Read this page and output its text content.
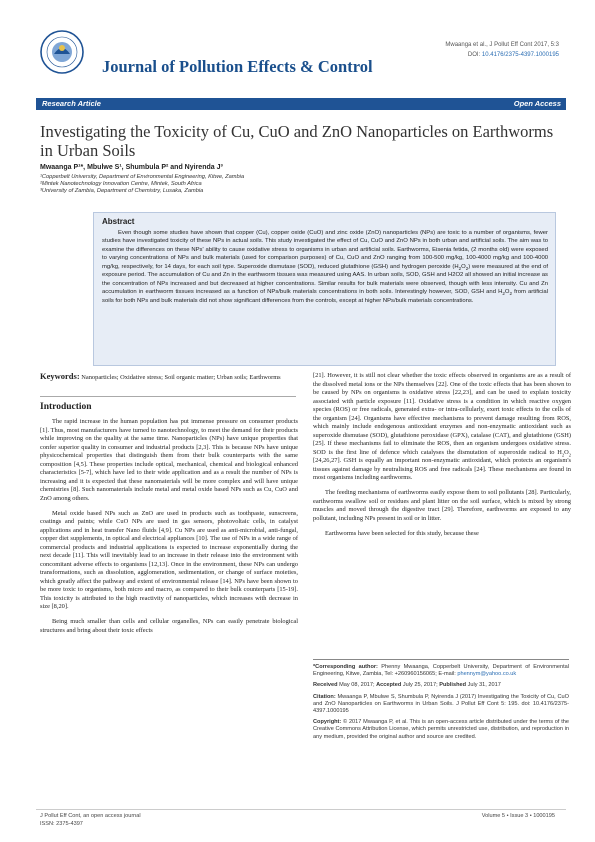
Journal of Pollution Effects & Control
Mwaanga et al., J Pollut Eff Cont 2017, 5:3
DOI: 10.4176/2375-4397.1000195
Research Article	Open Access
Investigating the Toxicity of Cu, CuO and ZnO Nanoparticles on Earthworms in Urban Soils
Mwaanga P¹*, Mbulwe S¹, Shumbula P² and Nyirenda J³
¹Copperbelt University, Department of Environmental Engineering, Kitwe, Zambia
²Mintek Nanotechnology Innovation Centre, Mintek, South Africa
³University of Zambia, Department of Chemistry, Lusaka, Zambia
Abstract

Even though some studies have shown that copper (Cu), copper oxide (CuO) and zinc oxide (ZnO) nanoparticles (NPs) are toxic to a number of organisms, fewer studies have investigated toxicity of these NPs in actual soils. This study investigated the effect of Cu, CuO and ZnO NPs in both urban and artificial soils. The aim was to examine the differences on these NPs' ability to cause oxidative stress to organisms in urban and artificial soils. Earthworms, Eisenia fetida, (2 months old) were exposed to varying concentrations of NPs and bulk materials (used for comparison purposes) of Cu, CuO and ZnO ranging from 100-500 mg/kg, 100-4000 mg/kg and 100-4000 mg/kg, respectively, for 14 days, for each soil type. Superoxide dismutase (SOD), reduced glutathione (GSH) and hydrogen peroxide $(H_2O_2)$ were measured at the end of exposure period. The accumulation of Cu and Zn in the earthworm tissues was measured using AAS. In urban soils, SOD, GSH and H2O2 all showed an initial increase as the concentration of NPs increased and but decreased at higher concentrations. Similar results for bulk materials were observed, though with less intensity. Cu and Zn accumulation in earthworm tissues increased as a function of NPs/bulk materials concentrations in both soils. Interestingly however, SOD, GSH and $H_2O_2$ from artificial soils for both NPs and bulk materials did not show significant differences from the controls, except at higher NPs/bulk materials concentrations.

Keywords: Nanoparticles; Oxidative stress; Soil organic matter; Urban soils; Earthworms
Introduction

The rapid increase in the human population has put immense pressure on consumer products [1]. Thus, most manufacturers have turned to nanotechnology, to meet the demand for their products while improving on the quality at the same time. Nanoparticles (NPs) have unique properties that confer superior quality in consumer and industrial products [2,3]. This is because NPs have unique physicochemical properties that distinguish them from their bulk counterparts with the same composition [4,5]. These properties include optical, mechanical, chemical and biological enhanced characteristics [5-7], which have led to their wide application and as a result the number of NPs is increasing and it is expected that these nanomaterials will be more complex and will have unique chemistries [8]. Such nanomaterials include metal and metal oxide based NPs such as Cu, CuO and ZnO among others.

Metal oxide based NPs such as ZnO are used in products such as toothpaste, sunscreens, coatings and paints; while CuO NPs are used in gas sensors, photovoltaic cells, in catalyst applications and in heat transfer Nano fluids [4,9]. Cu NPs are used as anti-microbial, anti-fungal, copper diet supplements, in optical and electrical appliances [10]. The use of NPs in a wide range of commercial products and industrial applications is expected to increase exponentially during the next decade [11]. This will inevitably lead to an increase in their release into the environment with concomitant adverse effects to organisms [12,13]. Once in the environment, these NPs can undergo transformations, such as dissolution, agglomeration, sedimentation, or change of surface moieties, which greatly affect the pathway and extent of environmental release [14]. NPs have been shown to be more toxic to organisms, both micro and macro, as compared to their bulk counterparts [15-19]. This toxicity is attributed to the high reactivity of nanoparticles, which increases with decrease in size [8,20].

Being much smaller than cells and cellular organelles, NPs can easily penetrate biological structures and bring about their toxic effects

[21]. However, it is still not clear whether the toxic effects observed in organisms are as a result of the dissolved metal ions or the NPs themselves [22]. One of the toxic effects that has been shown to be caused by NPs on organisms is oxidative stress [22,23], and can be used to explain toxicity associated with particle exposure [11]. Oxidative stress is a condition in which reactive oxygen species (ROS) or free radicals, generated extra- or intra-cellularly, exert toxic effects to the cells of the organism [24]. Organisms have effective mechanisms to prevent damage resulting from ROS, which mainly include endogenous antioxidant enzymes and non-enzymatic antioxidant such as superoxide dismutase (SOD), glutathione peroxidase (GPX), catalase (CAT), and glutathione (GSH) [25]. If these mechanisms fail to eliminate the ROS, then an organism undergoes oxidative stress. SOD is the first line of defence which catalyses the dismutation of superoxide radical to $H_2O_2$ [24,26,27]. GSH is equally an important non-enzymatic antioxidant, which protects an organism's tissues against damage by neutralising ROS and free radicals [24]. These mechanisms are found in most organisms including earthworms.

The feeding mechanisms of earthworms easily expose them to soil pollutants [28]. Particularly, earthworms swallow soil or residues and plant litter on the soil surface, which is mixed by strong muscles and moved through the digestive tract [29]. Therefore, earthworms are exposed to any pollutant, including NPs present in soil or in litter.

Earthworms have been selected for this study, because these

*Corresponding author: Phenny Mwaanga, Copperbelt University, Department of Environmental Engineering, Kitwe, Zambia, Tel: +260960156065; E-mail: phennym@yahoo.co.uk

Received May 08, 2017; Accepted July 25, 2017; Published July 31, 2017

Citation: Mwaanga P, Mbulwe S, Shumbula P, Nyirenda J (2017) Investigating the Toxicity of Cu, CuO and ZnO Nanoparticles on Earthworms in Urban Soils. J Pollut Eff Cont 5: 195. doi: 10.4176/2375-4397.1000195

Copyright: © 2017 Mwaanga P, et al. This is an open-access article distributed under the terms of the Creative Commons Attribution License, which permits unrestricted use, distribution, and reproduction in any medium, provided the original author and source are credited.

J Pollut Eff Cont, an open access journal
ISSN: 2375-4397
Volume 5 • Issue 3 • 1000195
